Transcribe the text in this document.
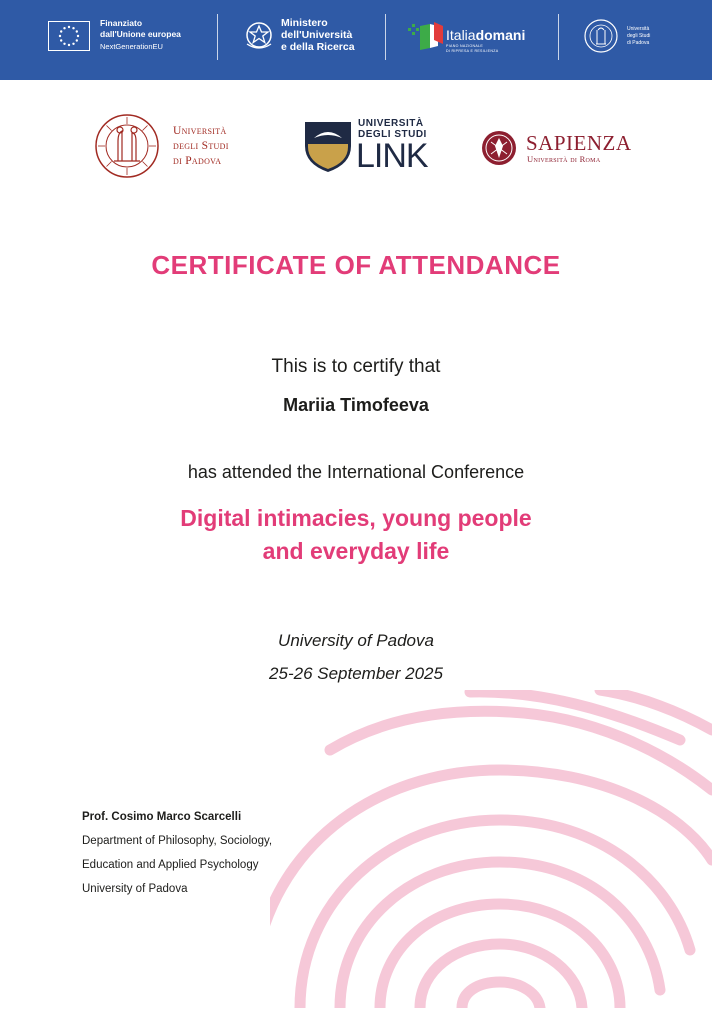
Finanziato
dall'Unione europea
NextGenerationEU
Ministero
dell'Università
e della Ricerca
Italiadomani
PIANO NAZIONALE
DI RIPRESA E RESILIENZA
Università
degli Studi
di Padova
Università
degli Studi
di Padova
UNIVERSITÀ
DEGLI STUDI
LINK	SAPIENZA
Università di Roma
CERTIFICATE OF ATTENDANCE
This is to certify that
Mariia Timofeeva
has attended the International Conference
Digital intimacies, young people
and everyday life
University of Padova
25-26 September 2025
Prof. Cosimo Marco Scarcelli
Department of Philosophy, Sociology,
Education and Applied Psychology
University of Padova
